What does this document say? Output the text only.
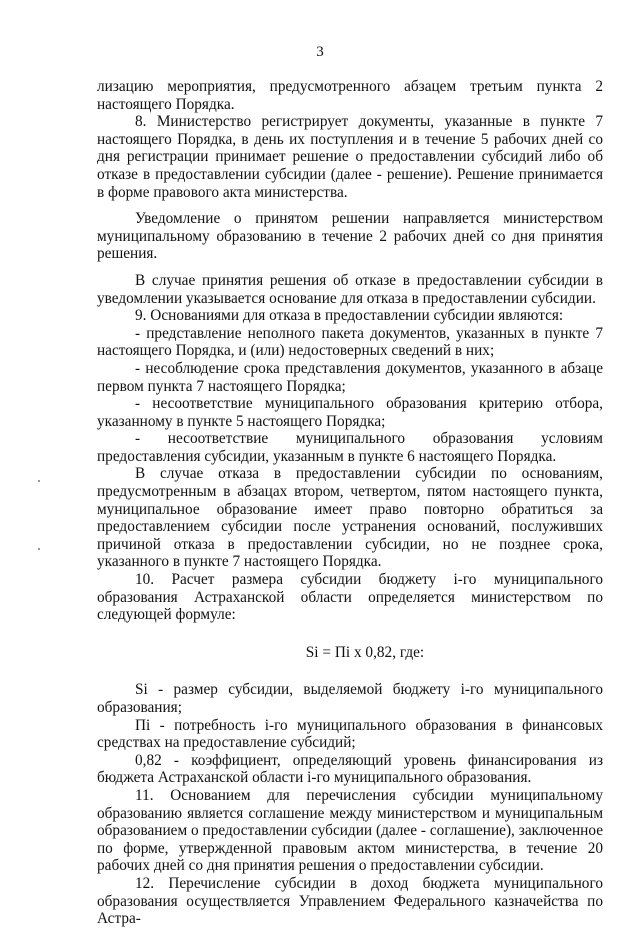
3

лизацию мероприятия, предусмотренного абзацем третьим пункта 2 настоящего Порядка.

8. Министерство регистрирует документы, указанные в пункте 7 настоящего Порядка, в день их поступления и в течение 5 рабочих дней со дня регистрации принимает решение о предоставлении субсидий либо об отказе в предоставлении субсидии (далее - решение). Решение принимается в форме правового акта министерства.

Уведомление о принятом решении направляется министерством муниципальному образованию в течение 2 рабочих дней со дня принятия решения.

В случае принятия решения об отказе в предоставлении субсидии в уведомлении указывается основание для отказа в предоставлении субсидии.

9. Основаниями для отказа в предоставлении субсидии являются:

- представление неполного пакета документов, указанных в пункте 7 настоящего Порядка, и (или) недостоверных сведений в них;

- несоблюдение срока представления документов, указанного в абзаце первом пункта 7 настоящего Порядка;

- несоответствие муниципального образования критерию отбора, указанному в пункте 5 настоящего Порядка;

- несоответствие муниципального образования условиям предоставления субсидии, указанным в пункте 6 настоящего Порядка.

В случае отказа в предоставлении субсидии по основаниям, предусмотренным в абзацах втором, четвертом, пятом настоящего пункта, муниципальное образование имеет право повторно обратиться за предоставлением субсидии после устранения оснований, послуживших причиной отказа в предоставлении субсидии, но не позднее срока, указанного в пункте 7 настоящего Порядка.

10. Расчет размера субсидии бюджету i-го муниципального образования Астраханской области определяется министерством по следующей формуле:

Si = Пi x 0,82, где:

Si - размер субсидии, выделяемой бюджету i-го муниципального образования;

Пi - потребность i-го муниципального образования в финансовых средствах на предоставление субсидий;

0,82 - коэффициент, определяющий уровень финансирования из бюджета Астраханской области i-го муниципального образования.

11. Основанием для перечисления субсидии муниципальному образованию является соглашение между министерством и муниципальным образованием о предоставлении субсидии (далее - соглашение), заключенное по форме, утвержденной правовым актом министерства, в течение 20 рабочих дней со дня принятия решения о предоставлении субсидии.

12. Перечисление субсидии в доход бюджета муниципального образования осуществляется Управлением Федерального казначейства по Астра-
